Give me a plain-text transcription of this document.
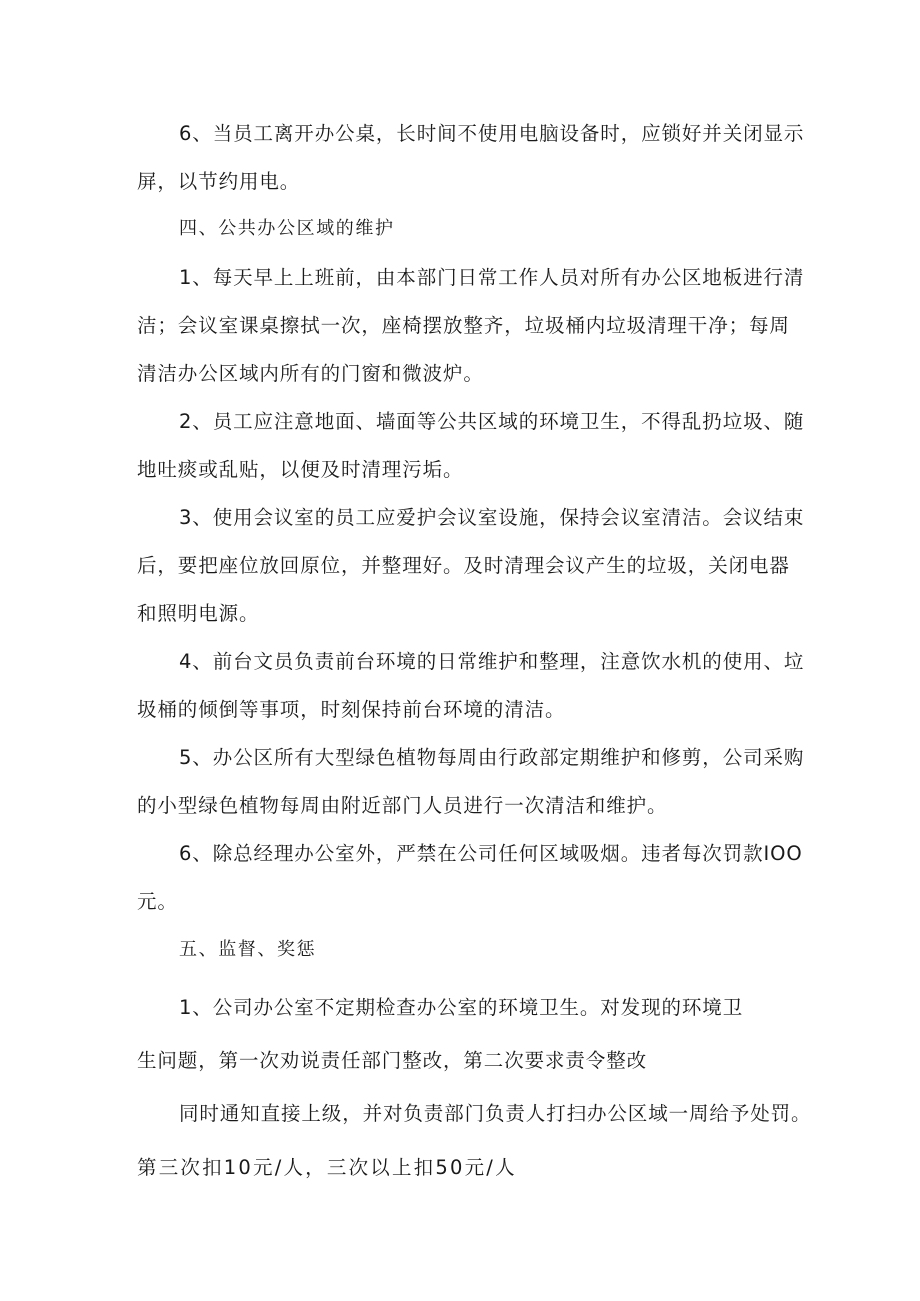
6、当员工离开办公桌，长时间不使用电脑设备时，应锁好并关闭显示
屏，以节约用电。
四、公共办公区域的维护
1、每天早上上班前，由本部门日常工作人员对所有办公区地板进行清
洁；会议室课桌擦拭一次，座椅摆放整齐，垃圾桶内垃圾清理干净；每周
清洁办公区域内所有的门窗和微波炉。
2、员工应注意地面、墙面等公共区域的环境卫生，不得乱扔垃圾、随
地吐痰或乱贴，以便及时清理污垢。
3、使用会议室的员工应爱护会议室设施，保持会议室清洁。会议结束
后，要把座位放回原位，并整理好。及时清理会议产生的垃圾，关闭电器
和照明电源。
4、前台文员负责前台环境的日常维护和整理，注意饮水机的使用、垃
圾桶的倾倒等事项，时刻保持前台环境的清洁。
5、办公区所有大型绿色植物每周由行政部定期维护和修剪，公司采购
的小型绿色植物每周由附近部门人员进行一次清洁和维护。
6、除总经理办公室外，严禁在公司任何区域吸烟。违者每次罚款IOO
元。
五、监督、奖惩
1、公司办公室不定期检查办公室的环境卫生。对发现的环境卫
生问题，第一次劝说责任部门整改，第二次要求责令整改
同时通知直接上级，并对负责部门负责人打扫办公区域一周给予处罚。
第三次扣10元/人，三次以上扣50元/人
